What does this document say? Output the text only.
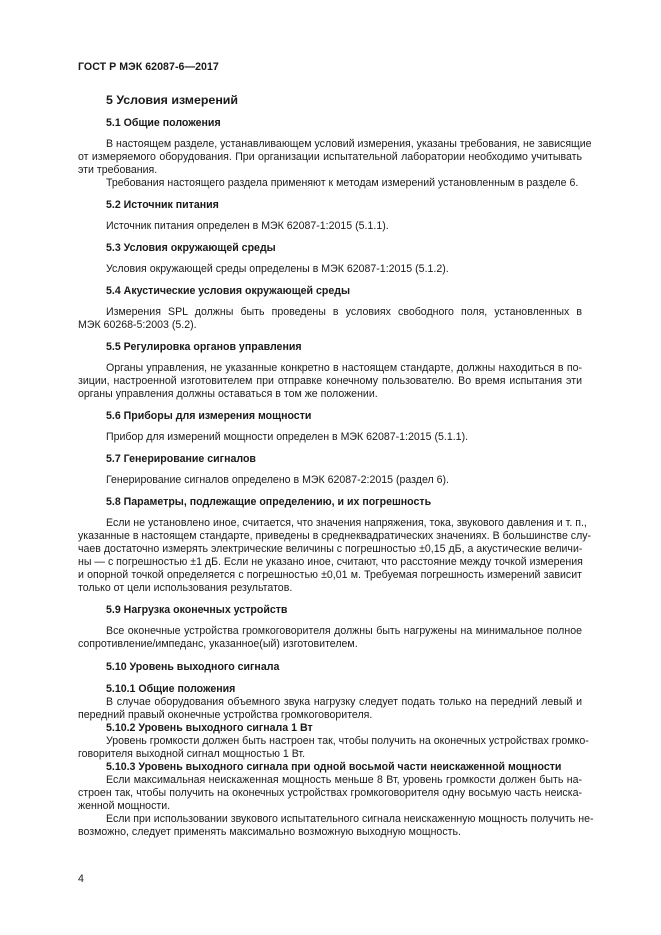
ГОСТ Р МЭК 62087-6—2017
5 Условия измерений
5.1 Общие положения
В настоящем разделе, устанавливающем условий измерения, указаны требования, не зависящие
от измеряемого оборудования. При организации испытательной лаборатории необходимо учитывать
эти требования.
Требования настоящего раздела применяют к методам измерений установленным в разделе 6.
5.2 Источник питания
Источник питания определен в МЭК 62087-1:2015 (5.1.1).
5.3 Условия окружающей среды
Условия окружающей среды определены в МЭК 62087-1:2015 (5.1.2).
5.4 Акустические условия окружающей среды
Измерения SPL должны быть проведены в условиях свободного поля, установленных в
МЭК 60268-5:2003 (5.2).
5.5 Регулировка органов управления
Органы управления, не указанные конкретно в настоящем стандарте, должны находиться в по-
зиции, настроенной изготовителем при отправке конечному пользователю. Во время испытания эти
органы управления должны оставаться в том же положении.
5.6 Приборы для измерения мощности
Прибор для измерений мощности определен в МЭК 62087-1:2015 (5.1.1).
5.7 Генерирование сигналов
Генерирование сигналов определено в МЭК 62087-2:2015 (раздел 6).
5.8 Параметры, подлежащие определению, и их погрешность
Если не установлено иное, считается, что значения напряжения, тока, звукового давления и т. п.,
указанные в настоящем стандарте, приведены в среднеквадратических значениях. В большинстве слу-
чаев достаточно измерять электрические величины с погрешностью ±0,15 дБ, а акустические величи-
ны — с погрешностью ±1 дБ. Если не указано иное, считают, что расстояние между точкой измерения
и опорной точкой определяется с погрешностью ±0,01 м. Требуемая погрешность измерений зависит
только от цели использования результатов.
5.9 Нагрузка оконечных устройств
Все оконечные устройства громкоговорителя должны быть нагружены на минимальное полное
сопротивление/импеданс, указанное(ый) изготовителем.
5.10 Уровень выходного сигнала
5.10.1 Общие положения
В случае оборудования объемного звука нагрузку следует подать только на передний левый и
передний правый оконечные устройства громкоговорителя.
5.10.2 Уровень выходного сигнала 1 Вт
Уровень громкости должен быть настроен так, чтобы получить на оконечных устройствах громко-
говорителя выходной сигнал мощностью 1 Вт.
5.10.3 Уровень выходного сигнала при одной восьмой части неискаженной мощности
Если максимальная неискаженная мощность меньше 8 Вт, уровень громкости должен быть на-
строен так, чтобы получить на оконечных устройствах громкоговорителя одну восьмую часть неиска-
женной мощности.
Если при использовании звукового испытательного сигнала неискаженную мощность получить не-
возможно, следует применять максимально возможную выходную мощность.
4
